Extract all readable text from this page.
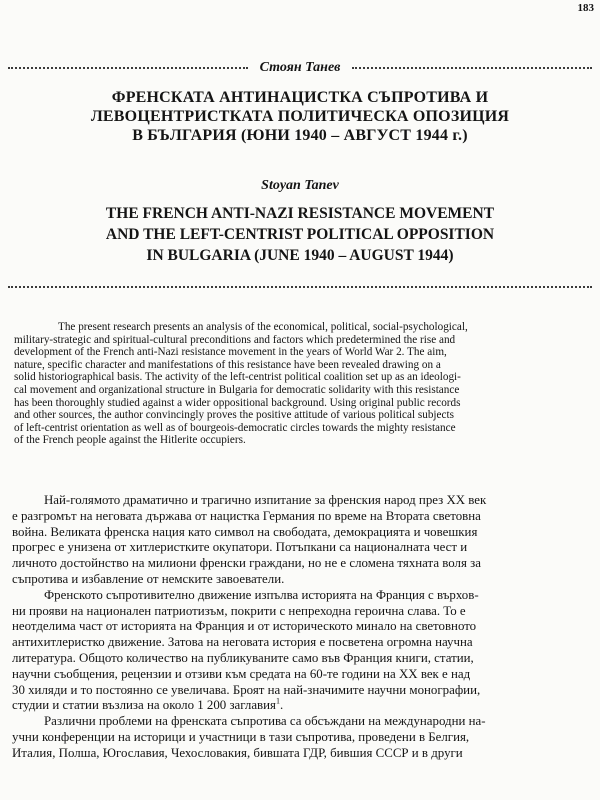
183
Стоян Танев
ФРЕНСКАТА АНТИНАЦИСТКА СЪПРОТИВА И
ЛЕВОЦЕНТРИСТКАТА ПОЛИТИЧЕСКА ОПОЗИЦИЯ
В БЪЛГАРИЯ (ЮНИ 1940 – АВГУСТ 1944 г.)
Stoyan Tanev
THE FRENCH ANTI-NAZI RESISTANCE MOVEMENT
AND THE LEFT-CENTRIST POLITICAL OPPOSITION
IN BULGARIA (JUNE 1940 – AUGUST 1944)
The present research presents an analysis of the economical, political, social-psychological,
military-strategic and spiritual-cultural preconditions and factors which predetermined the rise and
development of the French anti-Nazi resistance movement in the years of World War 2. The aim,
nature, specific character and manifestations of this resistance have been revealed drawing on a
solid historiographical basis. The activity of the left-centrist political coalition set up as an ideologi-
cal movement and organizational structure in Bulgaria for democratic solidarity with this resistance
has been thoroughly studied against a wider oppositional background. Using original public records
and other sources, the author convincingly proves the positive attitude of various political subjects
of left-centrist orientation as well as of bourgeois-democratic circles towards the mighty resistance
of the French people against the Hitlerite occupiers.
Най-голямото драматично и трагично изпитание за френския народ през XX век
е разгромът на неговата държава от нацистка Германия по време на Втората световна
война. Великата френска нация като символ на свободата, демокрацията и човешкия
прогрес е унизена от хитлеристките окупатори. Потъпкани са националната чест и
личното достойнство на милиони френски граждани, но не е сломена тяхната воля за
съпротива и избавление от немските завоеватели.
Френското съпротивително движение изпълва историята на Франция с върхов-
ни прояви на национален патриотизъм, покрити с непреходна героична слава. То е
неотделима част от историята на Франция и от историческото минало на световното
антихитлеристко движение. Затова на неговата история е посветена огромна научна
литература. Общото количество на публикуваните само във Франция книги, статии,
научни съобщения, рецензии и отзиви към средата на 60-те години на XX век е над
30 хиляди и то постоянно се увеличава. Броят на най-значимите научни монографии,
студии и статии възлиза на около 1 200 заглавия$^1$.
Различни проблеми на френската съпротива са обсъждани на международни на-
учни конференции на историци и участници в тази съпротива, проведени в Белгия,
Италия, Полша, Югославия, Чехословакия, бившата ГДР, бившия СССР и в други
